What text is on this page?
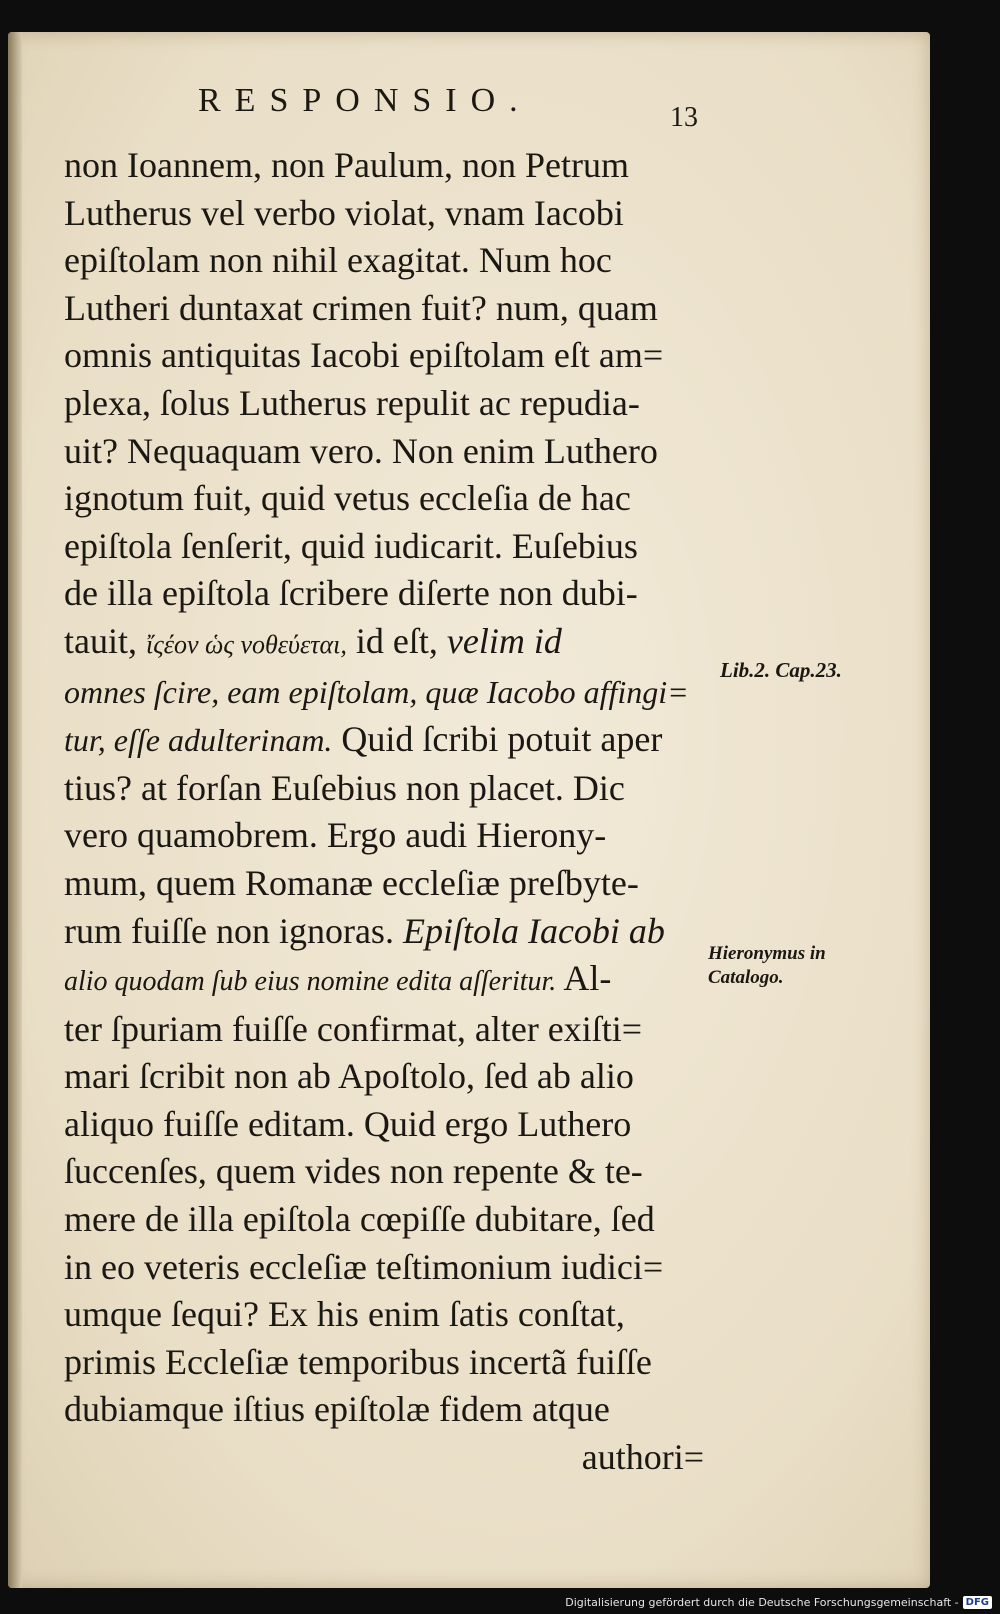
RESPONSIO.	13
non Ioannem, non Paulum, non Petrum
Lutherus vel verbo violat, vnam Iacobi
epiſtolam non nihil exagitat. Num hoc
Lutheri duntaxat crimen fuit? num, quam
omnis antiquitas Iacobi epiſtolam eſt am=
plexa, ſolus Lutherus repulit ac repudia-
uit? Nequaquam vero. Non enim Luthero
ignotum fuit, quid vetus eccleſia de hac
epiſtola ſenſerit, quid iudicarit. Euſebius
de illa epiſtola ſcribere diſerte non dubi-
tauit, ἴςέον ὡς νοθεύεται, id eſt, velim id
omnes ſcire, eam epiſtolam, quæ Iacobo affingi=
tur, eſſe adulterinam. Quid ſcribi potuit aper
tius? at forſan Euſebius non placet. Dic
vero quamobrem. Ergo audi Hierony-
mum, quem Romanæ eccleſiæ preſbyte-
rum fuiſſe non ignoras. Epiſtola Iacobi ab
alio quodam ſub eius nomine edita aſſeritur. Al-
ter ſpuriam fuiſſe confirmat, alter exiſti=
mari ſcribit non ab Apoſtolo, ſed ab alio
aliquo fuiſſe editam. Quid ergo Luthero
ſuccenſes, quem vides non repente & te-
mere de illa epiſtola cœpiſſe dubitare, ſed
in eo veteris eccleſiæ teſtimonium iudici=
umque ſequi? Ex his enim ſatis conſtat,
primis Eccleſiæ temporibus incertã fuiſſe
dubiamque iſtius epiſtolæ fidem atque
authori=
Lib.2. Cap.23.
Hieronymus in
Catalogo.
Digitalisierung gefördert durch die Deutsche Forschungsgemeinschaft - DFG
